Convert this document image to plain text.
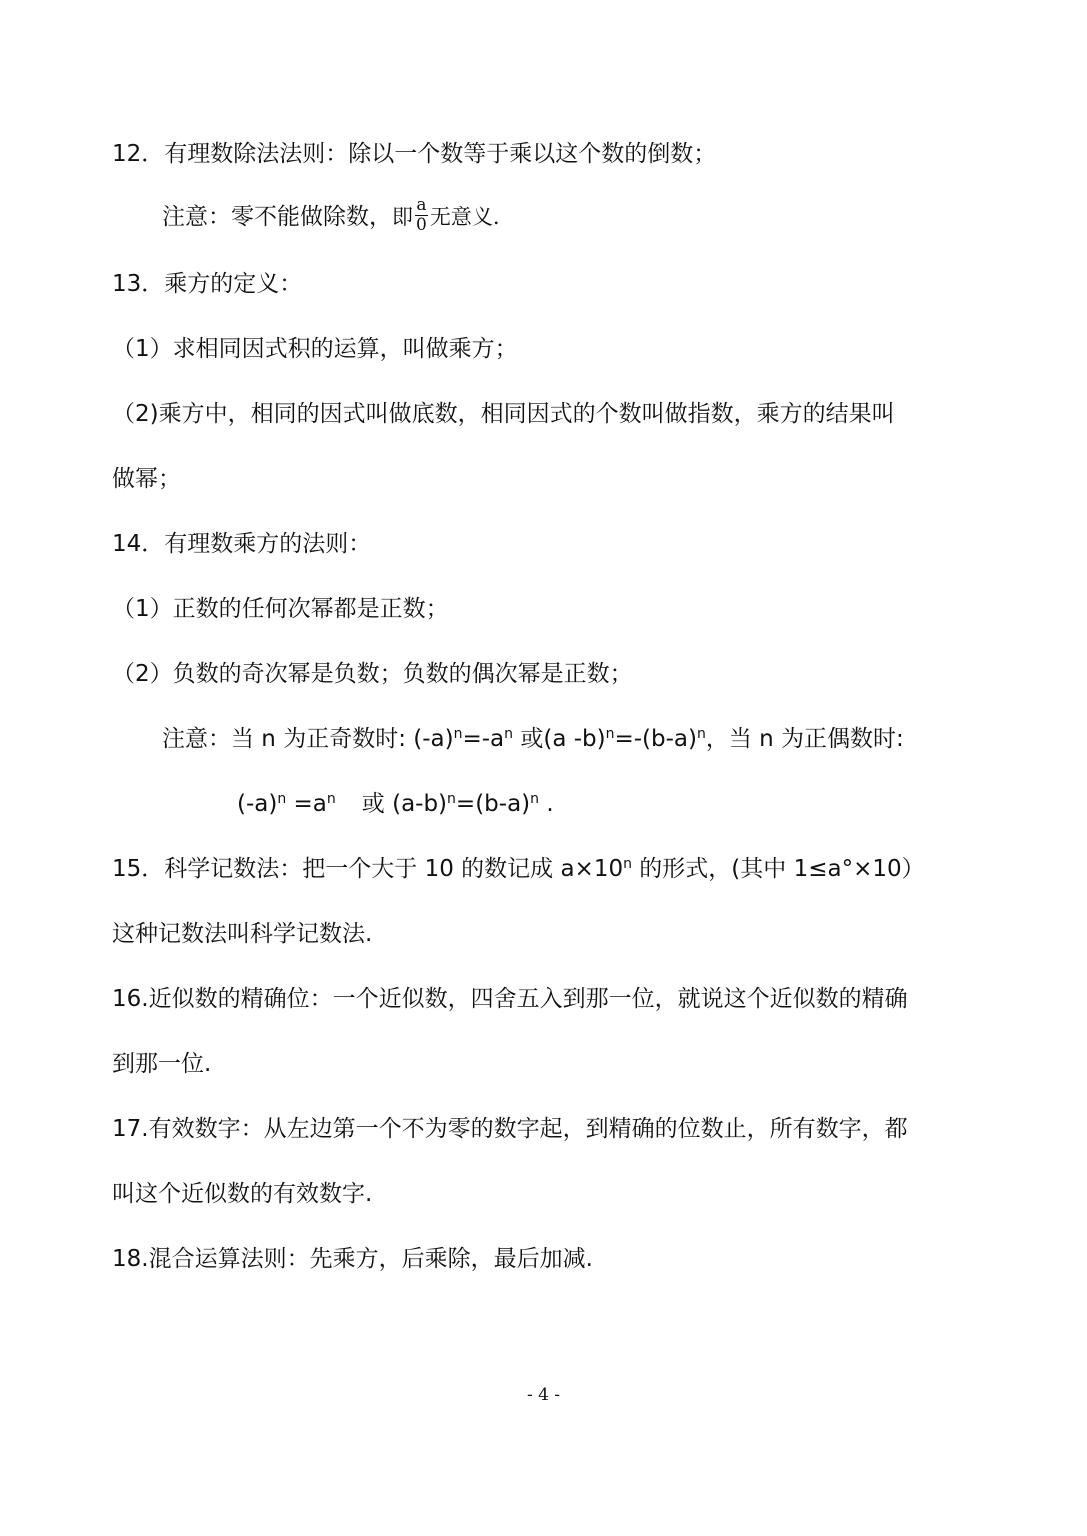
12．有理数除法法则：除以一个数等于乘以这个数的倒数；
注意：零不能做除数，即 $\frac{a}{0}$ 无意义.
13．乘方的定义：
（1）求相同因式积的运算，叫做乘方；
（2)乘方中，相同的因式叫做底数，相同因式的个数叫做指数，乘方的结果叫
做幂；
14．有理数乘方的法则：
（1）正数的任何次幂都是正数；
（2）负数的奇次幂是负数；负数的偶次幂是正数；
注意：当 n 为正奇数时: $(-a)^n=-a^n$ 或(a $-b)^n=-(b-a)^n$，当 n 为正偶数时:
$(-a)^n =a^n$ 或 $(a-b)^n=(b-a)^n$ .
15．科学记数法：把一个大于 10 的数记成 $a\times 10^n$ 的形式，(其中 1≤a°×10）
这种记数法叫科学记数法.
16.近似数的精确位：一个近似数，四舍五入到那一位，就说这个近似数的精确
到那一位.
17.有效数字：从左边第一个不为零的数字起，到精确的位数止，所有数字，都
叫这个近似数的有效数字.
18.混合运算法则：先乘方，后乘除，最后加减.
- 4 -
